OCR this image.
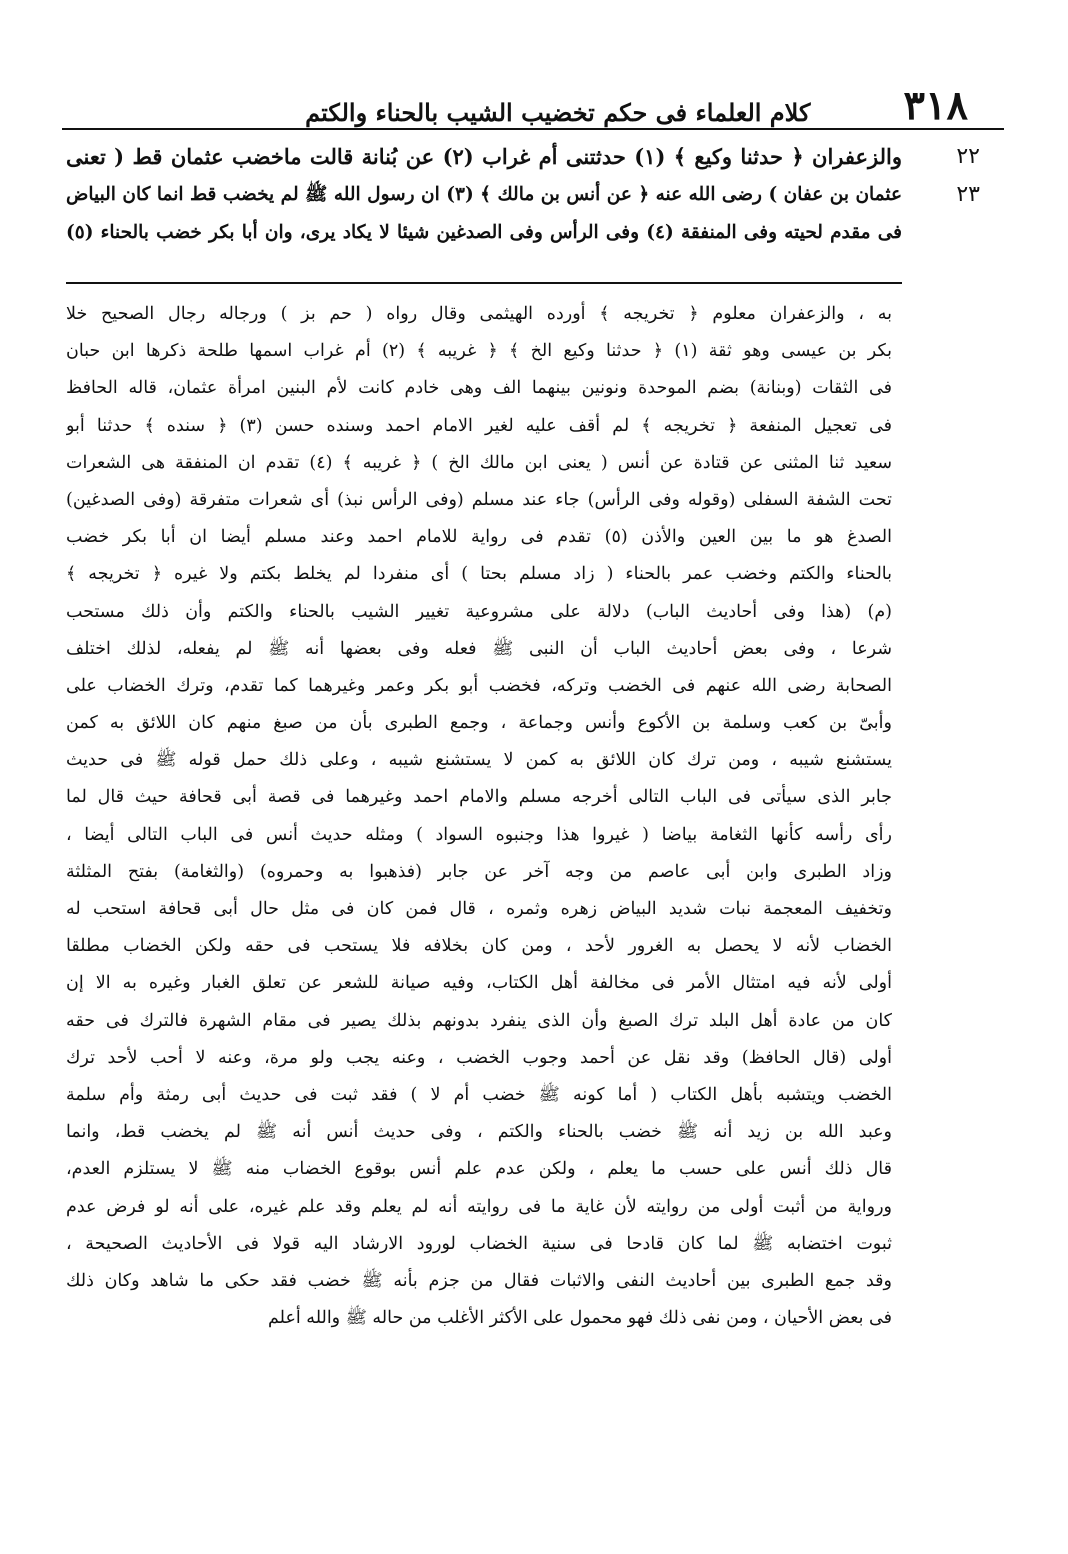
٣١٨
كلام العلماء فى حكم تخضيب الشيب بالحناء والكتم
٢٢
٢٣
والزعفران ﴿ حدثنا وكيع ﴾ (١) حدثتنى أم غراب (٢) عن بُنانة قالت ماخضب عثمان قط ( تعنى
عثمان بن عفان ) رضى الله عنه ﴿ عن أنس بن مالك ﴾ (٣) ان رسول الله ﷺ لم يخضب قط انما كان البياض
فى مقدم لحيته وفى المنفقة (٤) وفى الرأس وفى الصدغين شيئا لا يكاد يرى، وان أبا بكر خضب بالحناء (٥)
به ، والزعفران معلوم ﴿ تخريجه ﴾ أورده الهيثمى وقال رواه ( حم بز ) ورجاله رجال الصحيح خلا
بكر بن عيسى وهو ثقة (١) ﴿ حدثنا وكيع الخ ﴾ ﴿ غريبه ﴾ (٢) أم غراب اسمها طلحة ذكرها ابن حبان
فى الثقات (وبنانة) بضم الموحدة ونونين بينهما الف وهى خادم كانت لأم البنين امرأة عثمان، قاله الحافظ
فى تعجيل المنفعة ﴿ تخريجه ﴾ لم أقف عليه لغير الامام احمد وسنده حسن (٣) ﴿ سنده ﴾ حدثنا أبو
سعيد ثنا المثنى عن قتادة عن أنس ( يعنى ابن مالك الخ ) ﴿ غريبه ﴾ (٤) تقدم ان المنفقة هى الشعرات
تحت الشفة السفلى (وقوله وفى الرأس) جاء عند مسلم (وفى الرأس نبذ) أى شعرات متفرقة (وفى الصدغين)
الصدغ هو ما بين العين والأذن (٥) تقدم فى رواية للامام احمد وعند مسلم أيضا ان أبا بكر خضب
بالحناء والكتم وخضب عمر بالحناء ( زاد مسلم بحتا ) أى منفردا لم يخلط بكتم ولا غيره ﴿ تخريجه ﴾
(م) (هذا وفى أحاديث الباب) دلالة على مشروعية تغيير الشيب بالحناء والكتم وأن ذلك مستحب
شرعا ، وفى بعض أحاديث الباب أن النبى ﷺ فعله وفى بعضها أنه ﷺ لم يفعله، لذلك اختلف
الصحابة رضى الله عنهم فى الخضب وتركه، فخضب أبو بكر وعمر وغيرهما كما تقدم، وترك الخضاب على
وأبىّ بن كعب وسلمة بن الأكوع وأنس وجماعة ، وجمع الطبرى بأن من صبغ منهم كان اللائق به كمن
يستشنع شيبه ، ومن ترك كان اللائق به كمن لا يستشنع شيبه ، وعلى ذلك حمل قوله ﷺ فى حديث
جابر الذى سيأتى فى الباب التالى أخرجه مسلم والامام احمد وغيرهما فى قصة أبى قحافة حيث قال لما
رأى رأسه كأنها الثغامة بياضا ( غيروا هذا وجنبوه السواد ) ومثله حديث أنس فى الباب التالى أيضا ،
وزاد الطبرى وابن أبى عاصم من وجه آخر عن جابر (فذهبوا به وحمروه) (والثغامة) بفتح المثلثة
وتخفيف المعجمة نبات شديد البياض زهره وثمره ، قال فمن كان فى مثل حال أبى قحافة استحب له
الخضاب لأنه لا يحصل به الغرور لأحد ، ومن كان بخلافه فلا يستحب فى حقه ولكن الخضاب مطلقا
أولى لأنه فيه امتثال الأمر فى مخالفة أهل الكتاب، وفيه صيانة للشعر عن تعلق الغبار وغيره به الا إن
كان من عادة أهل البلد ترك الصبغ وأن الذى ينفرد بدونهم بذلك يصير فى مقام الشهرة فالترك فى حقه
أولى (قال الحافظ) وقد نقل عن أحمد وجوب الخضب ، وعنه يجب ولو مرة، وعنه لا أحب لأحد ترك
الخضب ويتشبه بأهل الكتاب ( أما كونه ﷺ خضب أم لا ) فقد ثبت فى حديث أبى رمثة وأم سلمة
وعبد الله بن زيد أنه ﷺ خضب بالحناء والكتم ، وفى حديث أنس أنه ﷺ لم يخضب قط، وانما
قال ذلك أنس على حسب ما يعلم ، ولكن عدم علم أنس بوقوع الخضاب منه ﷺ لا يستلزم العدم،
ورواية من أثبت أولى من روايته لأن غاية ما فى روايته أنه لم يعلم وقد علم غيره، على أنه لو فرض عدم
ثبوت اختضابه ﷺ لما كان قادحا فى سنية الخضاب لورود الارشاد اليه قولا فى الأحاديث الصحيحة ،
وقد جمع الطبرى بين أحاديث النفى والاثبات فقال من جزم بأنه ﷺ خضب فقد حكى ما شاهد وكان ذلك
فى بعض الأحيان ، ومن نفى ذلك فهو محمول على الأكثر الأغلب من حاله ﷺ والله أعلم
